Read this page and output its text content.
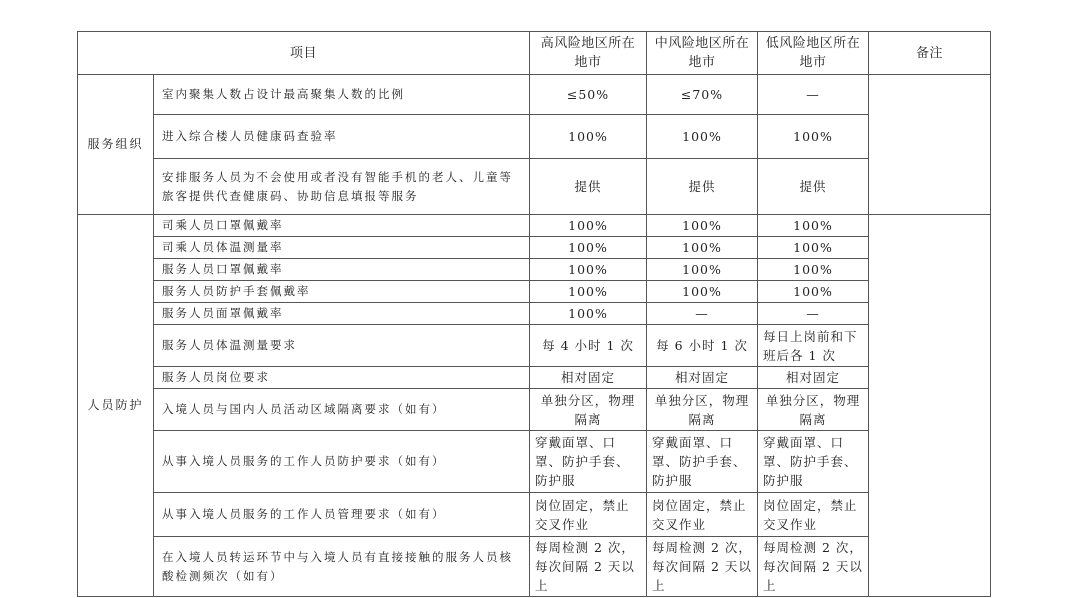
项目		高风险地区所在地市	中风险地区所在地市	低风险地区所在地市	备注
服务组织	室内聚集人数占设计最高聚集人数的比例	≤50%	≤70%	—	
	进入综合楼人员健康码查验率	100%	100%	100%	
	安排服务人员为不会使用或者没有智能手机的老人、儿童等旅客提供代查健康码、协助信息填报等服务	提供	提供	提供	
人员防护	司乘人员口罩佩戴率	100%	100%	100%	
	司乘人员体温测量率	100%	100%	100%	
	服务人员口罩佩戴率	100%	100%	100%	
	服务人员防护手套佩戴率	100%	100%	100%	
	服务人员面罩佩戴率	100%	—	—	
	服务人员体温测量要求	每 4 小时 1 次	每 6 小时 1 次	每日上岗前和下班后各 1 次	
	服务人员岗位要求	相对固定	相对固定	相对固定	
	入境人员与国内人员活动区域隔离要求（如有）	单独分区，物理隔离	单独分区，物理隔离	单独分区，物理隔离	
	从事入境人员服务的工作人员防护要求（如有）	穿戴面罩、口罩、防护手套、防护服	穿戴面罩、口罩、防护手套、防护服	穿戴面罩、口罩、防护手套、防护服	
	从事入境人员服务的工作人员管理要求（如有）	岗位固定，禁止交叉作业	岗位固定，禁止交叉作业	岗位固定，禁止交叉作业	
	在入境人员转运环节中与入境人员有直接接触的服务人员核酸检测频次（如有）	每周检测 2 次，每次间隔 2 天以上	每周检测 2 次，每次间隔 2 天以上	每周检测 2 次，每次间隔 2 天以上	
